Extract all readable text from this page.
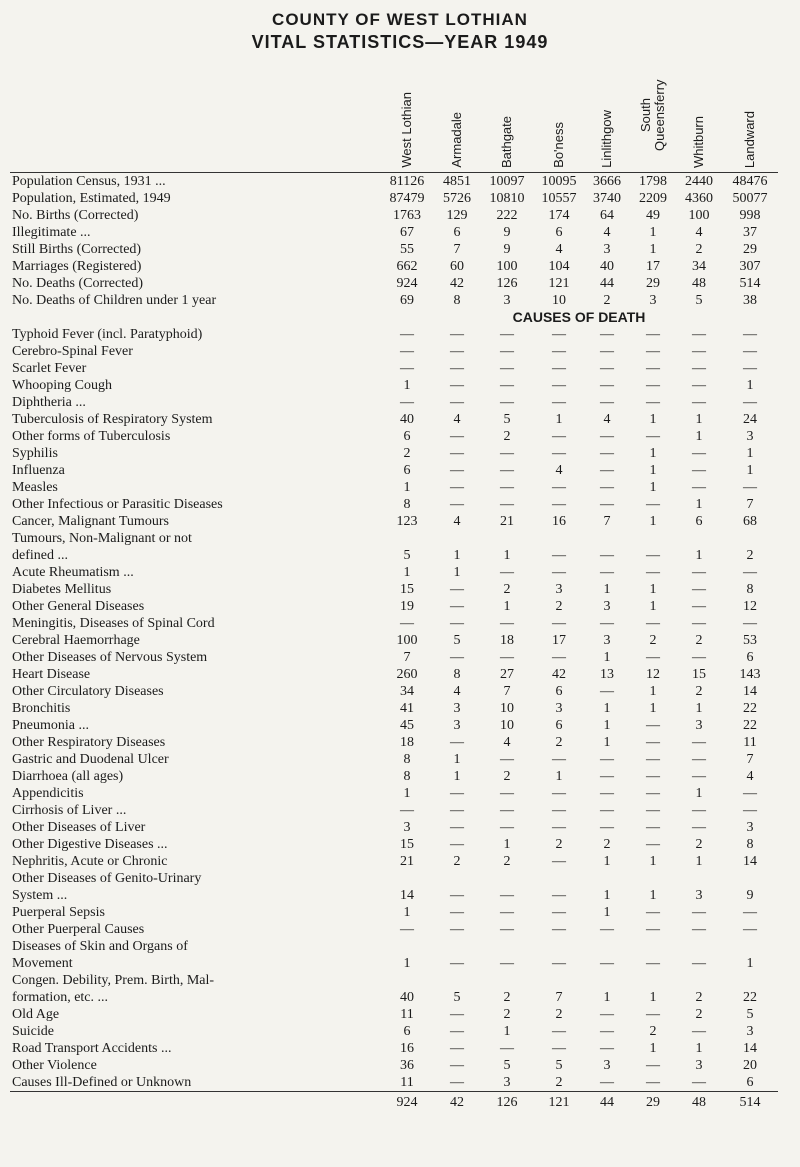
COUNTY OF WEST LOTHIAN
VITAL STATISTICS—YEAR 1949

	West Lothian	Armadale	Bathgate	Bo'ness	Linlithgow	South Queensferry	Whitburn	Landward

Population Census, 1931 ...	81126	4851	10097	10095	3666	1798	2440	48476
Population, Estimated, 1949	87479	5726	10810	10557	3740	2209	4360	50077
No. Births (Corrected)	1763	129	222	174	64	49	100	998
Illegitimate ...	67	6	9	6	4	1	4	37
Still Births (Corrected)	55	7	9	4	3	1	2	29
Marriages (Registered)	662	60	100	104	40	17	34	307
No. Deaths (Corrected)	924	42	126	121	44	29	48	514
No. Deaths of Children under 1 year	69	8	3	10	2	3	5	38
	CAUSES OF DEATH							
Typhoid Fever (incl. Paratyphoid)	—	—	—	—	—	—	—	—
Cerebro-Spinal Fever	—	—	—	—	—	—	—	—
Scarlet Fever	—	—	—	—	—	—	—	—
Whooping Cough	1	—	—	—	—	—	—	1
Diphtheria ...	—	—	—	—	—	—	—	—
Tuberculosis of Respiratory System	40	4	5	1	4	1	1	24
Other forms of Tuberculosis	6	—	2	—	—	—	1	3
Syphilis	2	—	—	—	—	1	—	1
Influenza	6	—	—	4	—	1	—	1
Measles	1	—	—	—	—	1	—	—
Other Infectious or Parasitic Diseases	8	—	—	—	—	—	1	7
Cancer, Malignant Tumours	123	4	21	16	7	1	6	68
Tumours, Non-Malignant or not								
defined ...	5	1	1	—	—	—	1	2
Acute Rheumatism ...	1	1	—	—	—	—	—	—
Diabetes Mellitus	15	—	2	3	1	1	—	8
Other General Diseases	19	—	1	2	3	1	—	12
Meningitis, Diseases of Spinal Cord	—	—	—	—	—	—	—	—
Cerebral Haemorrhage	100	5	18	17	3	2	2	53
Other Diseases of Nervous System	7	—	—	—	1	—	—	6
Heart Disease	260	8	27	42	13	12	15	143
Other Circulatory Diseases	34	4	7	6	—	1	2	14
Bronchitis	41	3	10	3	1	1	1	22
Pneumonia ...	45	3	10	6	1	—	3	22
Other Respiratory Diseases	18	—	4	2	1	—	—	11
Gastric and Duodenal Ulcer	8	1	—	—	—	—	—	7
Diarrhoea (all ages)	8	1	2	1	—	—	—	4
Appendicitis	1	—	—	—	—	—	1	—
Cirrhosis of Liver ...	—	—	—	—	—	—	—	—
Other Diseases of Liver	3	—	—	—	—	—	—	3
Other Digestive Diseases ...	15	—	1	2	2	—	2	8
Nephritis, Acute or Chronic	21	2	2	—	1	1	1	14
Other Diseases of Genito-Urinary								
System ...	14	—	—	—	1	1	3	9
Puerperal Sepsis	1	—	—	—	1	—	—	—
Other Puerperal Causes	—	—	—	—	—	—	—	—
Diseases of Skin and Organs of								
Movement	1	—	—	—	—	—	—	1
Congen. Debility, Prem. Birth, Mal-								
formation, etc. ...	40	5	2	7	1	1	2	22
Old Age	11	—	2	2	—	—	2	5
Suicide	6	—	1	—	—	2	—	3
Road Transport Accidents ...	16	—	—	—	—	1	1	14
Other Violence	36	—	5	5	3	—	3	20
Causes Ill-Defined or Unknown	11	—	3	2	—	—	—	6
	924	42	126	121	44	29	48	514
